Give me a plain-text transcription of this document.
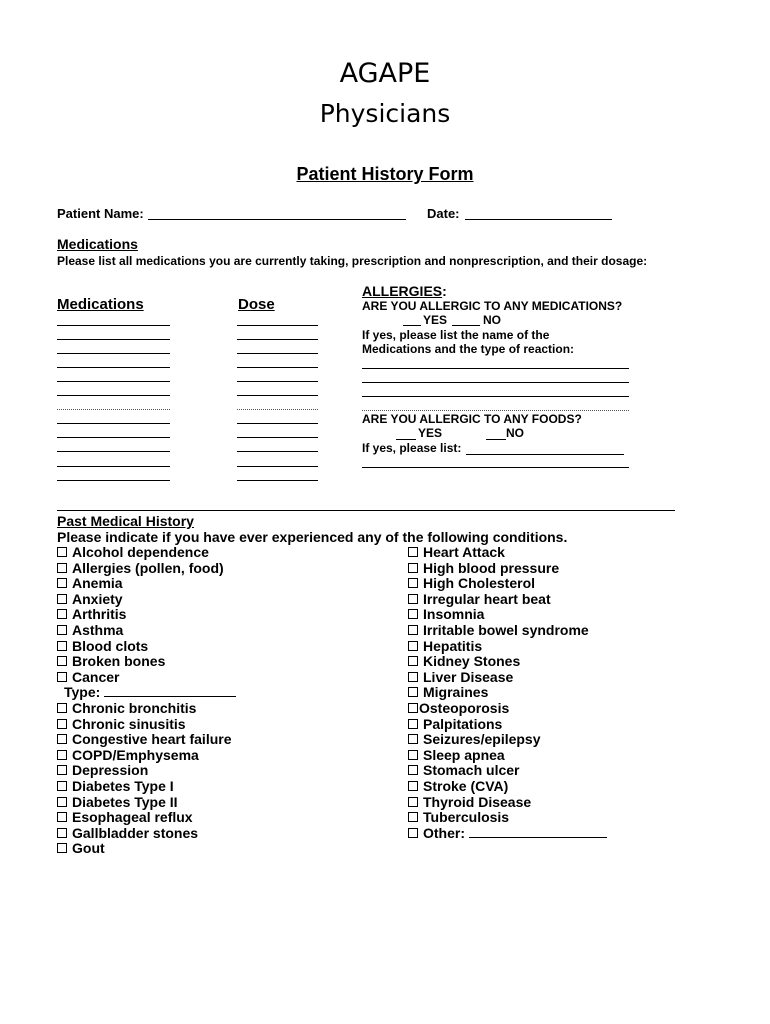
AGAPE
Physicians
Patient History Form
Patient Name:	Date:
Medications
Please list all medications you are currently taking, prescription and nonprescription, and their dosage:
Medications	Dose
ALLERGIES:
ARE YOU ALLERGIC TO ANY MEDICATIONS?
YES	NO
If yes, please list the name of the
Medications and the type of reaction:
ARE YOU ALLERGIC TO ANY FOODS?
YES	NO
If yes, please list:
Past Medical History
Please indicate if you have ever experienced any of the following conditions.
Alcohol dependence
Allergies (pollen, food)
Anemia
Anxiety
Arthritis
Asthma
Blood clots
Broken bones
Cancer
Type:
Chronic bronchitis
Chronic sinusitis
Congestive heart failure
COPD/Emphysema
Depression
Diabetes Type I
Diabetes Type II
Esophageal reflux
Gallbladder stones
Gout
Heart Attack
High blood pressure
High Cholesterol
Irregular heart beat
Insomnia
Irritable bowel syndrome
Hepatitis
Kidney Stones
Liver Disease
Migraines
Osteoporosis
Palpitations
Seizures/epilepsy
Sleep apnea
Stomach ulcer
Stroke (CVA)
Thyroid Disease
Tuberculosis
Other:
